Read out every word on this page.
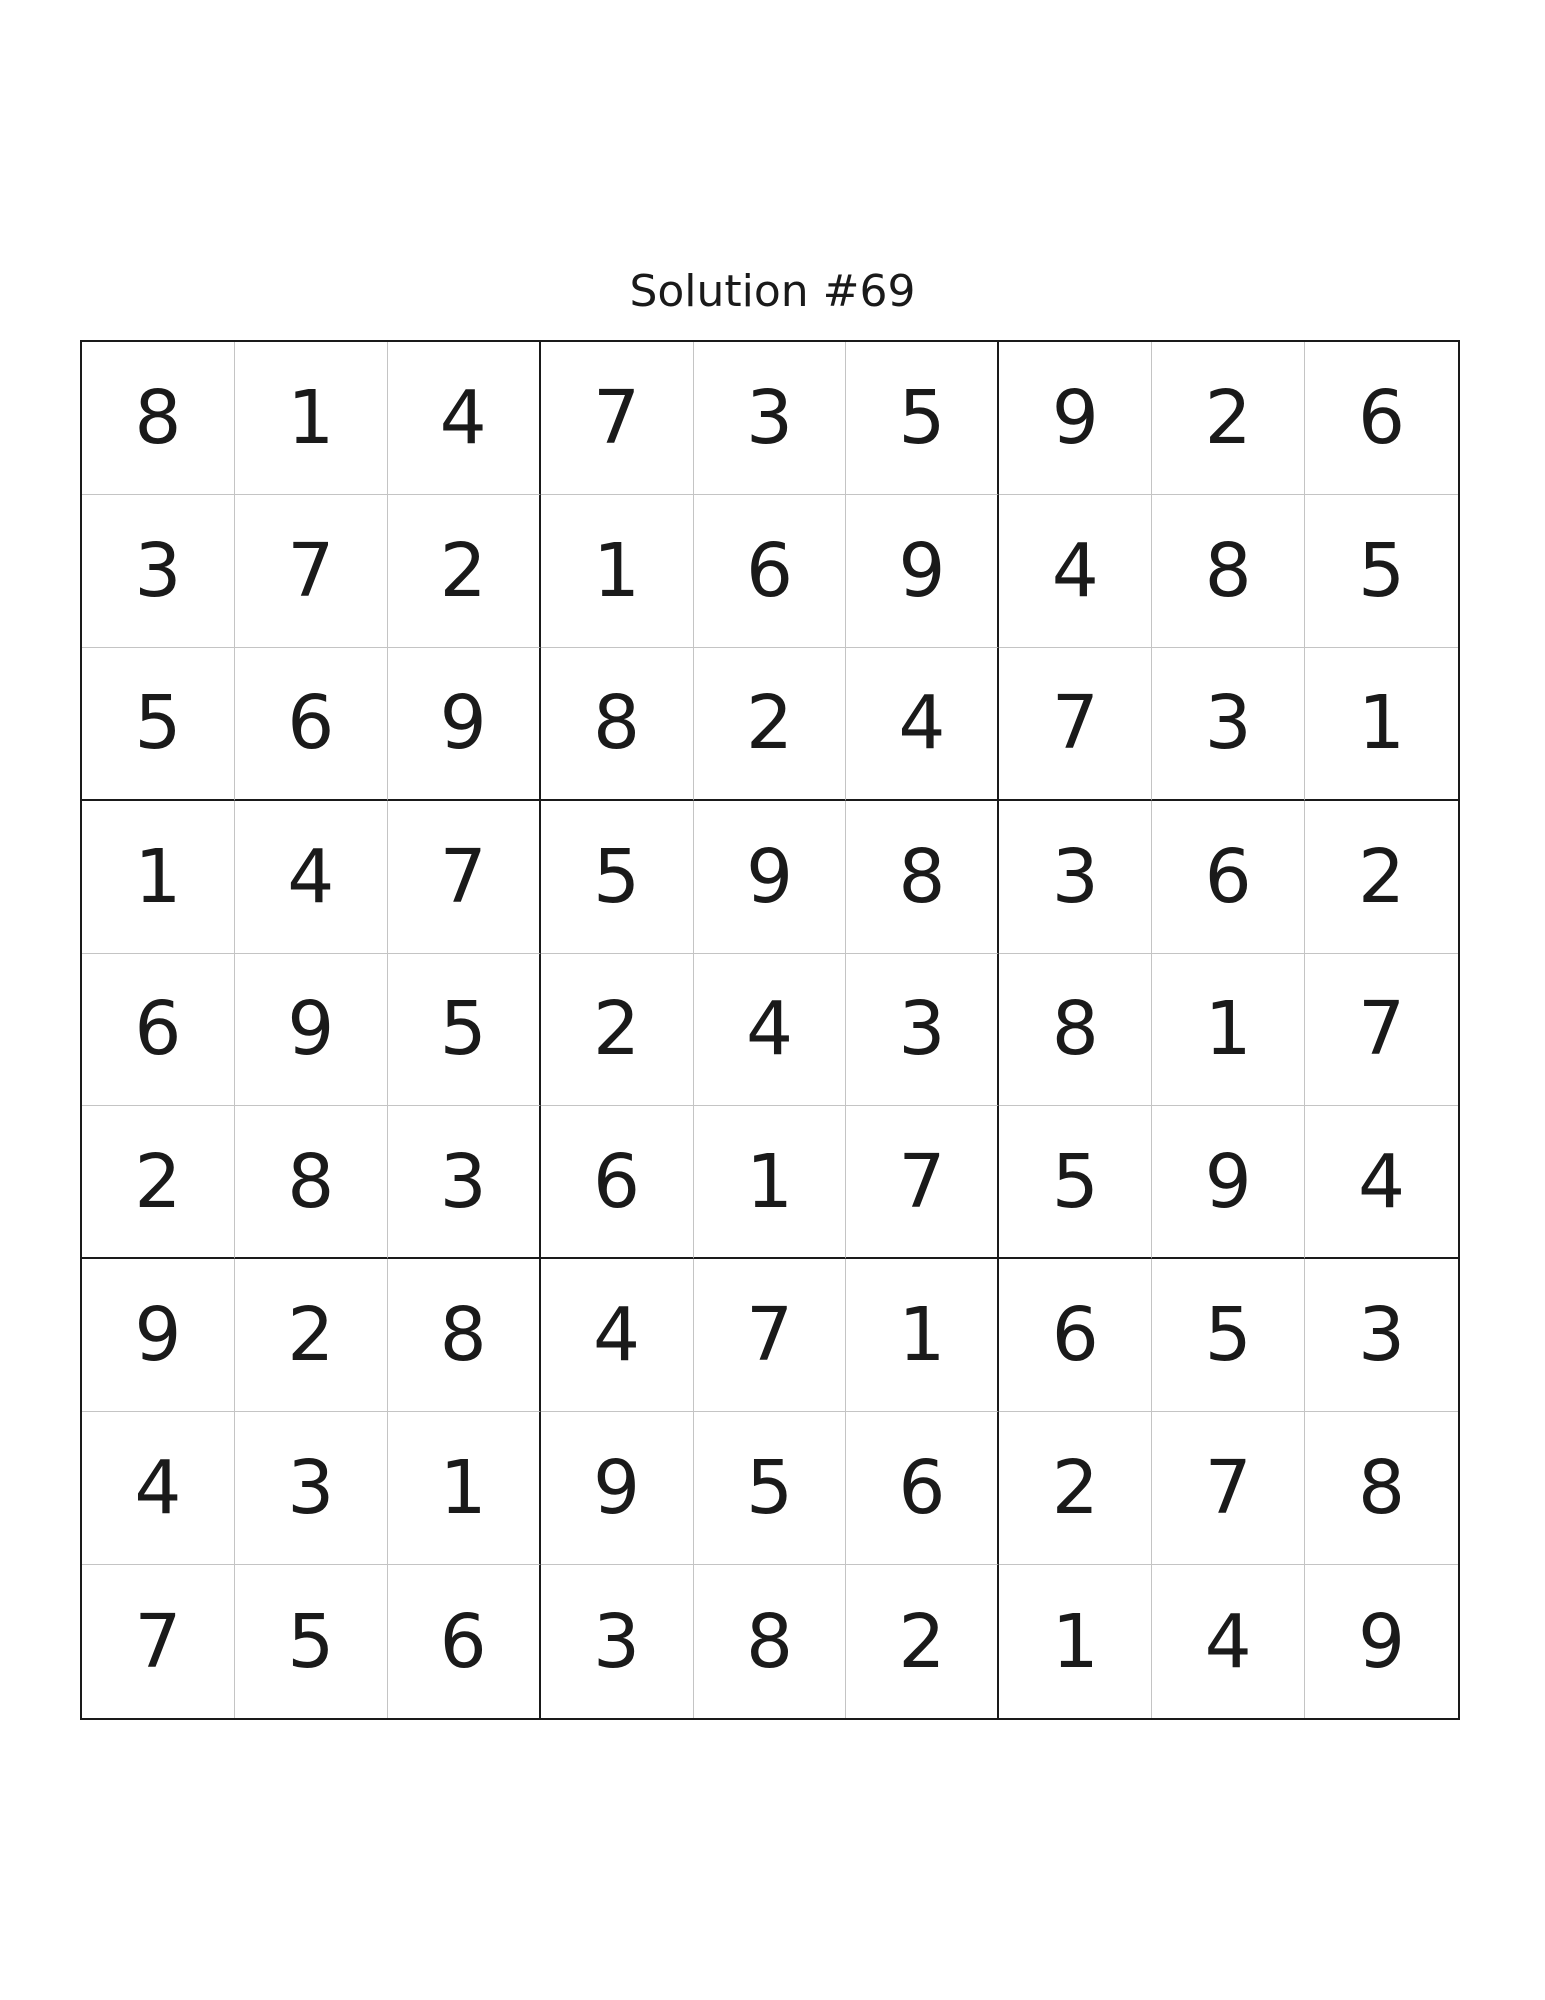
Solution #69
8	1	4	7	3	5	9	2	6
3	7	2	1	6	9	4	8	5
5	6	9	8	2	4	7	3	1
1	4	7	5	9	8	3	6	2
6	9	5	2	4	3	8	1	7
2	8	3	6	1	7	5	9	4
9	2	8	4	7	1	6	5	3
4	3	1	9	5	6	2	7	8
7	5	6	3	8	2	1	4	9
